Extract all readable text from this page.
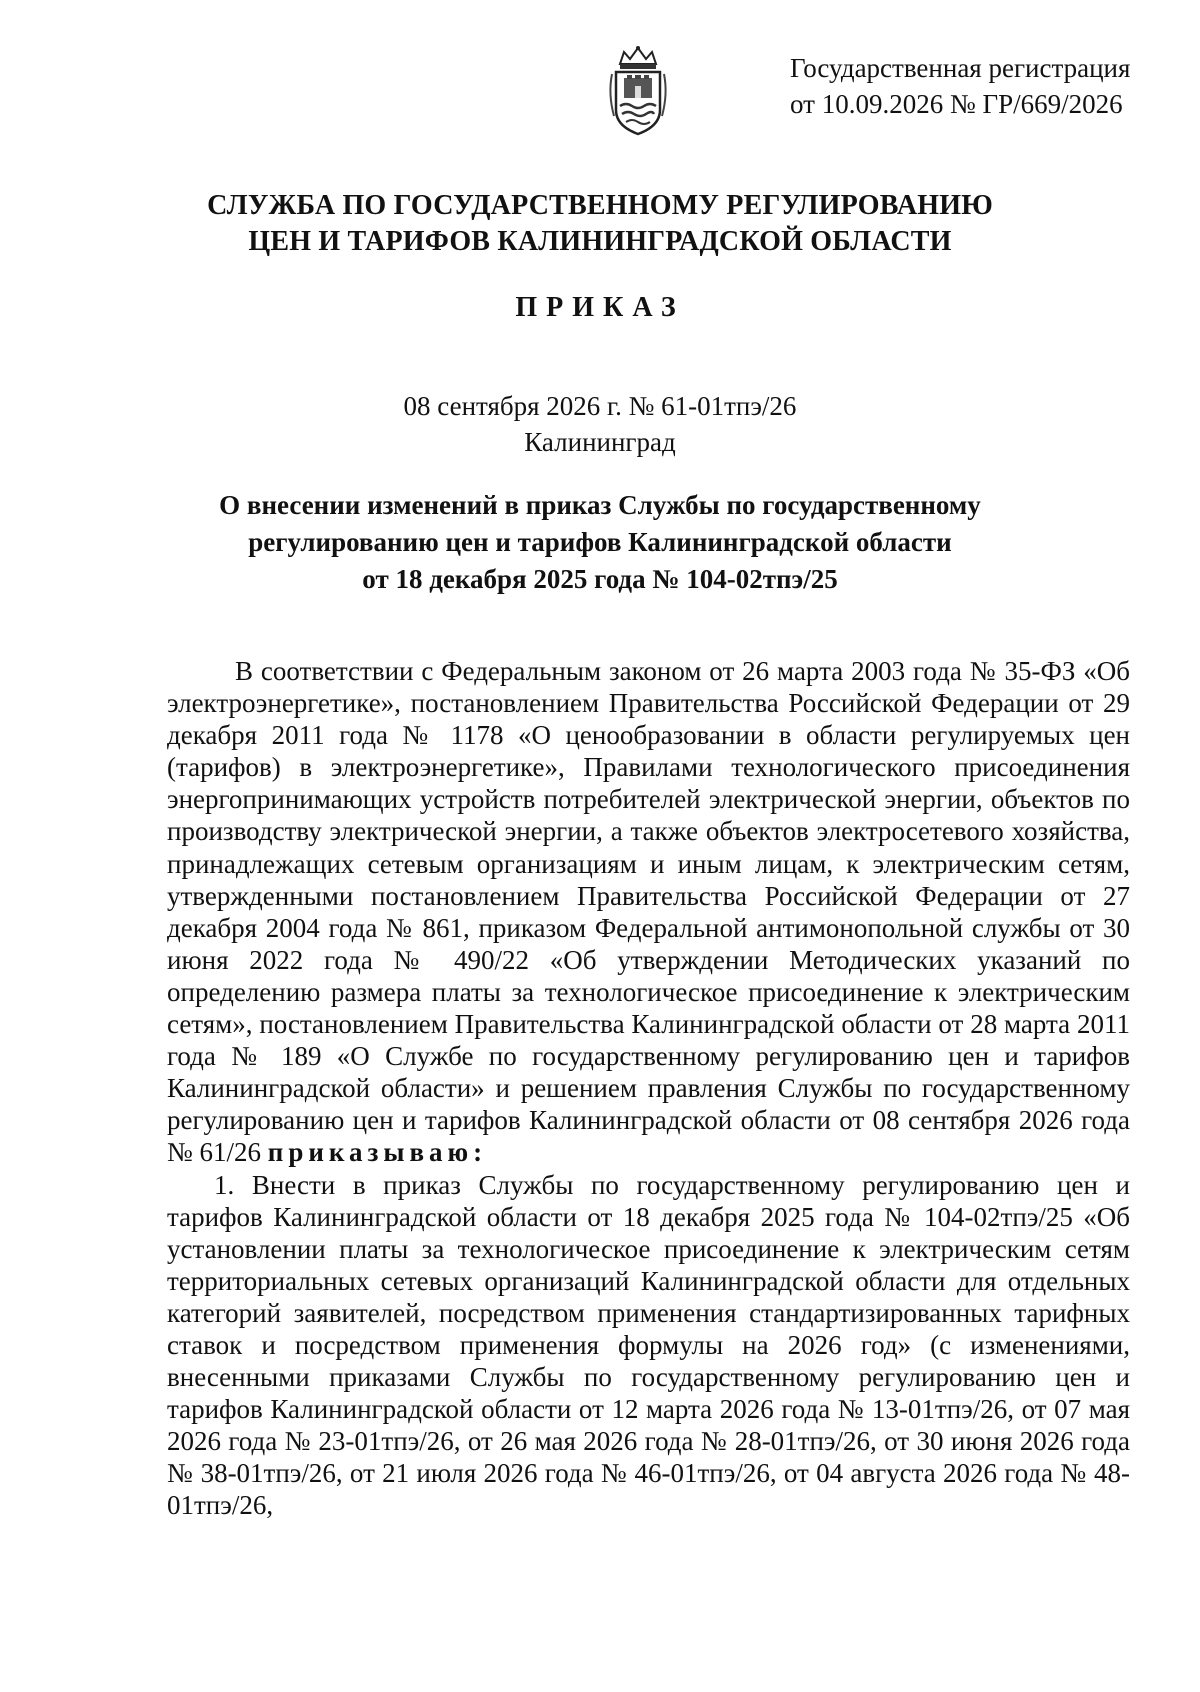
Государственная регистрация
от 10.09.2026 № ГР/669/2026
СЛУЖБА ПО ГОСУДАРСТВЕННОМУ РЕГУЛИРОВАНИЮ
ЦЕН И ТАРИФОВ КАЛИНИНГРАДСКОЙ ОБЛАСТИ
ПРИКАЗ
08 сентября 2026 г. № 61-01тпэ/26
Калининград
О внесении изменений в приказ Службы по государственному
регулированию цен и тарифов Калининградской области
от 18 декабря 2025 года № 104-02тпэ/25

В соответствии с Федеральным законом от 26 марта 2003 года № 35-ФЗ «Об электроэнергетике», постановлением Правительства Российской Федерации от 29 декабря 2011 года № 1178 «О ценообразовании в области регулируемых цен (тарифов) в электроэнергетике», Правилами технологического присоединения энергопринимающих устройств потребителей электрической энергии, объектов по производству электрической энергии, а также объектов электросетевого хозяйства, принадлежащих сетевым организациям и иным лицам, к электрическим сетям, утвержденными постановлением Правительства Российской Федерации от 27 декабря 2004 года № 861, приказом Федеральной антимонопольной службы от 30 июня 2022 года № 490/22 «Об утверждении Методических указаний по определению размера платы за технологическое присоединение к электрическим сетям», постановлением Правительства Калининградской области от 28 марта 2011 года № 189 «О Службе по государственному регулированию цен и тарифов Калининградской области» и решением правления Службы по государственному регулированию цен и тарифов Калининградской области от 08 сентября 2026 года № 61/26 приказываю:

1. Внести в приказ Службы по государственному регулированию цен и тарифов Калининградской области от 18 декабря 2025 года № 104-02тпэ/25 «Об установлении платы за технологическое присоединение к электрическим сетям территориальных сетевых организаций Калининградской области для отдельных категорий заявителей, посредством применения стандартизированных тарифных ставок и посредством применения формулы на 2026 год» (с изменениями, внесенными приказами Службы по государственному регулированию цен и тарифов Калининградской области от 12 марта 2026 года № 13-01тпэ/26, от 07 мая 2026 года № 23-01тпэ/26, от 26 мая 2026 года № 28-01тпэ/26, от 30 июня 2026 года № 38-01тпэ/26, от 21 июля 2026 года № 46-01тпэ/26, от 04 августа 2026 года № 48-01тпэ/26,
